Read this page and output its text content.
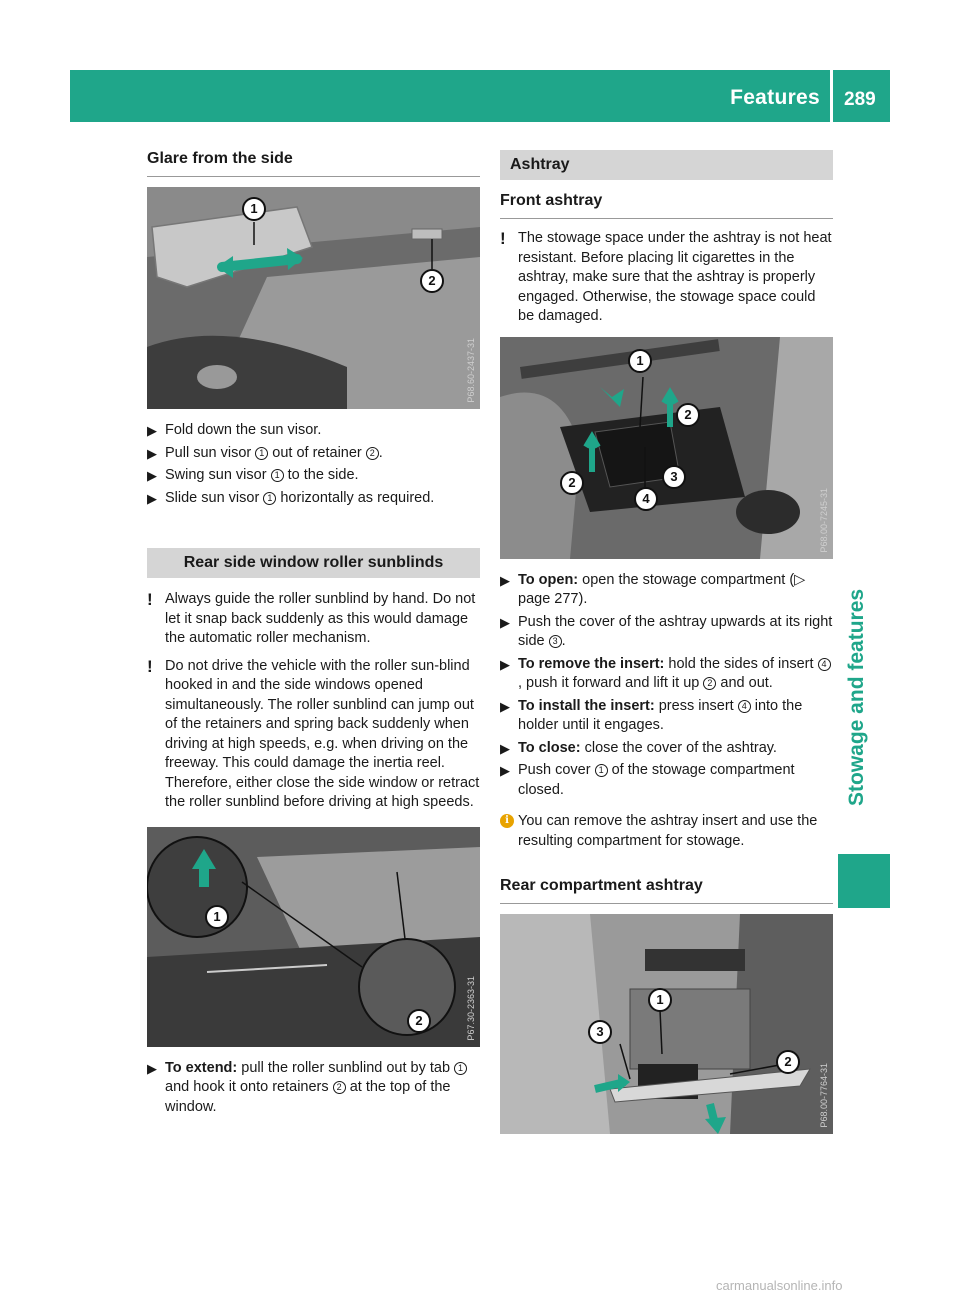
Features 289
Stowage and features
Glare from the side
1
2
P68.60-2437-31
▶ Fold down the sun visor.
▶ Pull sun visor 1 out of retainer 2 .
▶ Swing sun visor 1 to the side.
▶ Slide sun visor 1 horizontally as required.
Rear side window roller sunblinds

! Always guide the roller sunblind by hand. Do not let it snap back suddenly as this would damage the automatic roller mechanism.

! Do not drive the vehicle with the roller sun-blind hooked in and the side windows opened simultaneously. The roller sunblind can jump out of the retainers and spring back suddenly when driving at high speeds, e.g. when driving on the freeway. This could damage the inertia reel. Therefore, either close the side window or retract the roller sunblind before driving at high speeds.

1
2	P67.30-2363-31
▶ To extend: pull the roller sunblind out by tab 1 and hook it onto retainers 2 at the top of the window.
Ashtray
Front ashtray

! The stowage space under the ashtray is not heat resistant. Before placing lit cigarettes in the ashtray, make sure that the ashtray is properly engaged. Otherwise, the stowage space could be damaged.

1
2
2	3
4	P68.00-7245-31
▶ To open: open the stowage compartment (▷ page 277).
▶ Push the cover of the ashtray upwards at its right side 3 .
▶ To remove the insert: hold the sides of insert 4, push it forward and lift it up 2 and out.
▶ To install the insert: press insert 4 into the holder until it engages.
▶ To close: close the cover of the ashtray.
▶ Push cover 1 of the stowage compartment closed.

i You can remove the ashtray insert and use the resulting compartment for stowage.

Rear compartment ashtray
1
2
3
P68.00-7764-31
carmanualsonline.info
